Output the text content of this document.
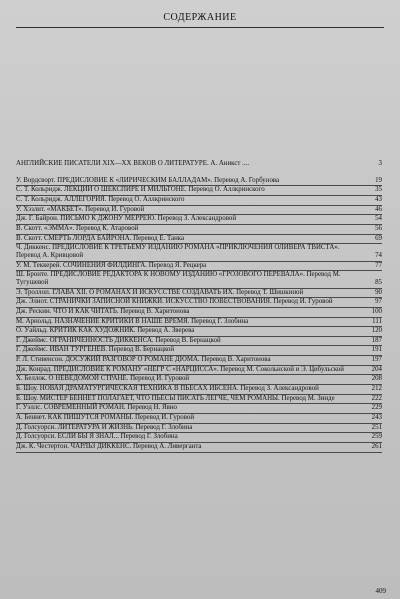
СОДЕРЖАНИЕ
АНГЛИЙСКИЕ ПИСАТЕЛИ XIX—XX ВЕКОВ О ЛИТЕРАТУРЕ. А. Аникст ....	3
У. Вордсворт. ПРЕДИСЛОВИЕ К «ЛИРИЧЕСКИМ БАЛЛАДАМ». Перевод А. Горбунова	19
С. Т. Кольридж. ЛЕКЦИИ О ШЕКСПИРЕ И МИЛЬТОНЕ. Перевод О. Аллкринского	35
С. Т. Кольридж. АЛЛЕГОРИЯ. Перевод О. Аллкринского	43
У. Хэзлит. «МАКБЕТ». Перевод И. Гуровой	46
Дж. Г. Байрон. ПИСЬМО К ДЖОНУ МЕРРЕЮ. Перевод З. Александровой	54
В. Скотт. «ЭММА». Перевод К. Атаровой	56
В. Скотт. СМЕРТЬ ЛОРДА БАЙРОНА. Перевод Е. Танка	69
Ч. Диккенс. ПРЕДИСЛОВИЕ К ТРЕТЬЕМУ ИЗДАНИЮ РОМАНА «ПРИКЛЮЧЕНИЯ ОЛИВЕРА ТВИСТА». Перевод А. Кривцовой	74
У. М. Теккерей. СОЧИНЕНИЯ ФИЛДИНГА. Перевод Я. Рецкера	77
Ш. Бронте. ПРЕДИСЛОВИЕ РЕДАКТОРА К НОВОМУ ИЗДАНИЮ «ГРОЗОВОГО ПЕРЕВАЛА». Перевод М. Тугушевой	85
Э. Троллоп. ГЛАВА XII. О РОМАНАХ И ИСКУССТВЕ СОЗДАВАТЬ ИХ. Перевод Т. Шишкиной	90
Дж. Элиот. СТРАНИЧКИ ЗАПИСНОЙ КНИЖКИ. ИСКУССТВО ПОВЕСТВОВАНИЯ. Перевод И. Гуровой	97
Дж. Рескин. ЧТО И КАК ЧИТАТЬ. Перевод В. Харитонова	100
М. Арнольд. НАЗНАЧЕНИЕ КРИТИКИ В НАШЕ ВРЕМЯ. Перевод Г. Злобина	111
О. Уайльд. КРИТИК КАК ХУДОЖНИК. Перевод А. Зверева	120
Г. Джеймс. ОГРАНИЧЕННОСТЬ ДИККЕНСА. Перевод В. Бернацкой	187
Г. Джеймс. ИВАН ТУРГЕНЕВ. Перевод В. Бернацкой	191
Р. Л. Стивенсон. ДОСУЖИЙ РАЗГОВОР О РОМАНЕ ДЮМА. Перевод В. Харитонова	197
Дж. Конрад. ПРЕДИСЛОВИЕ К РОМАНУ «НЕГР С «НАРЦИССА». Перевод М. Сокольнской и Э. Цибульской	204
Х. Беллок. О НЕВЕДОМОЙ СТРАНЕ. Перевод И. Гуровой	208
Б. Шоу. НОВАЯ ДРАМАТУРГИЧЕСКАЯ ТЕХНИКА В ПЬЕСАХ ИБСЕНА. Перевод З. Александровой	212
Б. Шоу. МИСТЕР БЕННЕТ ПОЛАГАЕТ, ЧТО ПЬЕСЫ ПИСАТЬ ЛЕГЧЕ, ЧЕМ РОМАНЫ. Перевод М. Зинде	222
Г. Уэллс. СОВРЕМЕННЫЙ РОМАН. Перевод Н. Явно	229
А. Беннет. КАК ПИШУТСЯ РОМАНЫ. Перевод И. Гуровой	243
Д. Голсуорси. ЛИТЕРАТУРА И ЖИЗНЬ. Перевод Г. Злобина	251
Д. Голсуорси. ЕСЛИ БЫ Я ЗНАЛ... Перевод Г. Злобина	259
Дж. К. Честертон. ЧАРЛЬЗ ДИККЕНС. Перевод А. Ливерганта	261
409
